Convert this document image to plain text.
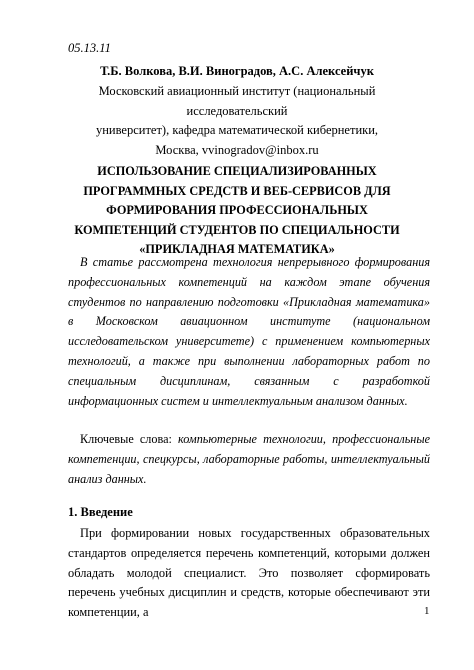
05.13.11
Т.Б. Волкова, В.И. Виноградов, А.С. Алексейчук
Московский авиационный институт (национальный исследовательский
университет), кафедра математической кибернетики,
Москва, vvinogradov@inbox.ru
ИСПОЛЬЗОВАНИЕ СПЕЦИАЛИЗИРОВАННЫХ ПРОГРАММНЫХ СРЕДСТВ И ВЕБ-СЕРВИСОВ ДЛЯ ФОРМИРОВАНИЯ ПРОФЕССИОНАЛЬНЫХ КОМПЕТЕНЦИЙ СТУДЕНТОВ ПО СПЕЦИАЛЬНОСТИ «ПРИКЛАДНАЯ МАТЕМАТИКА»
В статье рассмотрена технология непрерывного формирования профессиональных компетенций на каждом этапе обучения студентов по направлению подготовки «Прикладная математика» в Московском авиационном институте (национальном исследовательском университете) с применением компьютерных технологий, а также при выполнении лабораторных работ по специальным дисциплинам, связанным с разработкой информационных систем и интеллектуальным анализом данных.
Ключевые слова: компьютерные технологии, профессиональные компетенции, спецкурсы, лабораторные работы, интеллектуальный анализ данных.
1. Введение
При формировании новых государственных образовательных стандартов определяется перечень компетенций, которыми должен обладать молодой специалист. Это позволяет сформировать перечень учебных дисциплин и средств, которые обеспечивают эти компетенции, а	1
